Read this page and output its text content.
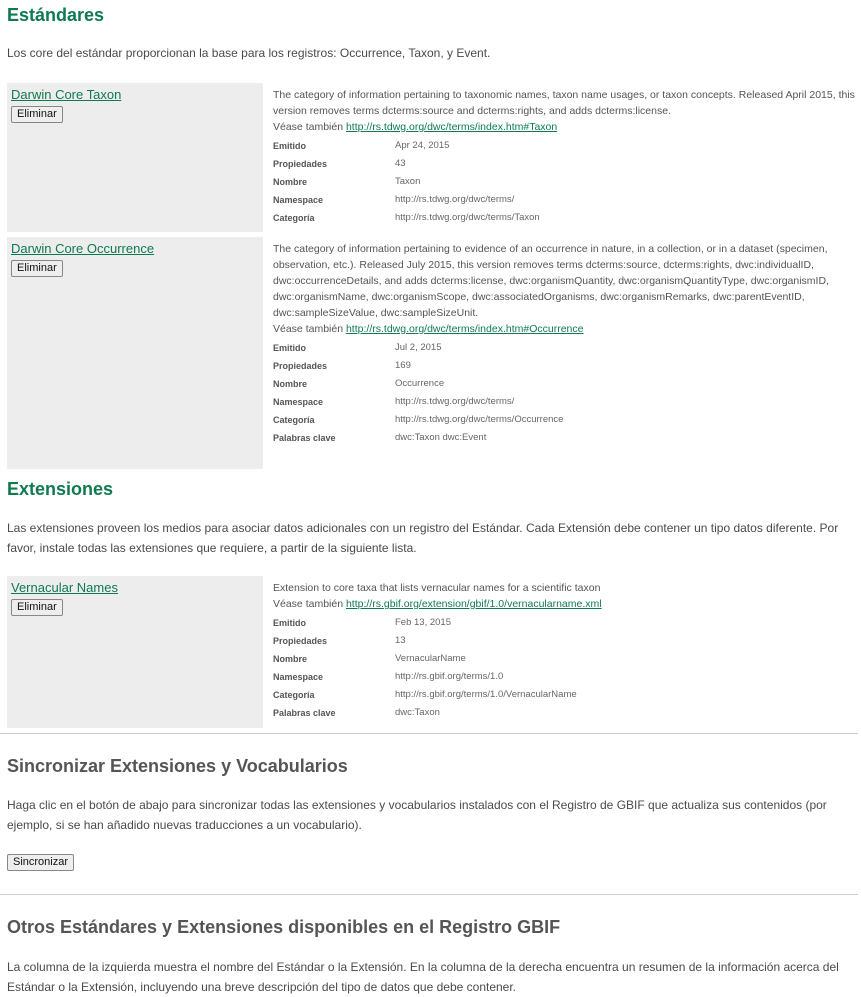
Estándares

Los core del estándar proporcionan la base para los registros: Occurrence, Taxon, y Event.

Darwin Core Taxon
Eliminar

The category of information pertaining to taxonomic names, taxon name usages, or taxon concepts. Released April 2015, this version removes terms dcterms:source and dcterms:rights, and adds dcterms:license.
Véase también http://rs.tdwg.org/dwc/terms/index.htm#Taxon

Emitido	Apr 24, 2015
Propiedades	43
Nombre	Taxon
Namespace	http://rs.tdwg.org/dwc/terms/
Categoría	http://rs.tdwg.org/dwc/terms/Taxon
Darwin Core Occurrence
Eliminar

The category of information pertaining to evidence of an occurrence in nature, in a collection, or in a dataset (specimen, observation, etc.). Released July 2015, this version removes terms dcterms:source, dcterms:rights, dwc:individualID, dwc:occurrenceDetails, and adds dcterms:license, dwc:organismQuantity, dwc:organismQuantityType, dwc:organismID, dwc:organismName, dwc:organismScope, dwc:associatedOrganisms, dwc:organismRemarks, dwc:parentEventID, dwc:sampleSizeValue, dwc:sampleSizeUnit.
Véase también http://rs.tdwg.org/dwc/terms/index.htm#Occurrence

Emitido	Jul 2, 2015
Propiedades	169
Nombre	Occurrence
Namespace	http://rs.tdwg.org/dwc/terms/
Categoría	http://rs.tdwg.org/dwc/terms/Occurrence
Palabras clave	dwc:Taxon dwc:Event
Extensiones

Las extensiones proveen los medios para asociar datos adicionales con un registro del Estándar. Cada Extensión debe contener un tipo datos diferente. Por favor, instale todas las extensiones que requiere, a partir de la siguiente lista.

Vernacular Names
Eliminar

Extension to core taxa that lists vernacular names for a scientific taxon
Véase también http://rs.gbif.org/extension/gbif/1.0/vernacularname.xml

Emitido	Feb 13, 2015
Propiedades	13
Nombre	VernacularName
Namespace	http://rs.gbif.org/terms/1.0
Categoría	http://rs.gbif.org/terms/1.0/VernacularName
Palabras clave	dwc:Taxon
Sincronizar Extensiones y Vocabularios

Haga clic en el botón de abajo para sincronizar todas las extensiones y vocabularios instalados con el Registro de GBIF que actualiza sus contenidos (por ejemplo, si se han añadido nuevas traducciones a un vocabulario).

Sincronizar
Otros Estándares y Extensiones disponibles en el Registro GBIF

La columna de la izquierda muestra el nombre del Estándar o la Extensión. En la columna de la derecha encuentra un resumen de la información acerca del Estándar o la Extensión, incluyendo una breve descripción del tipo de datos que debe contener.
